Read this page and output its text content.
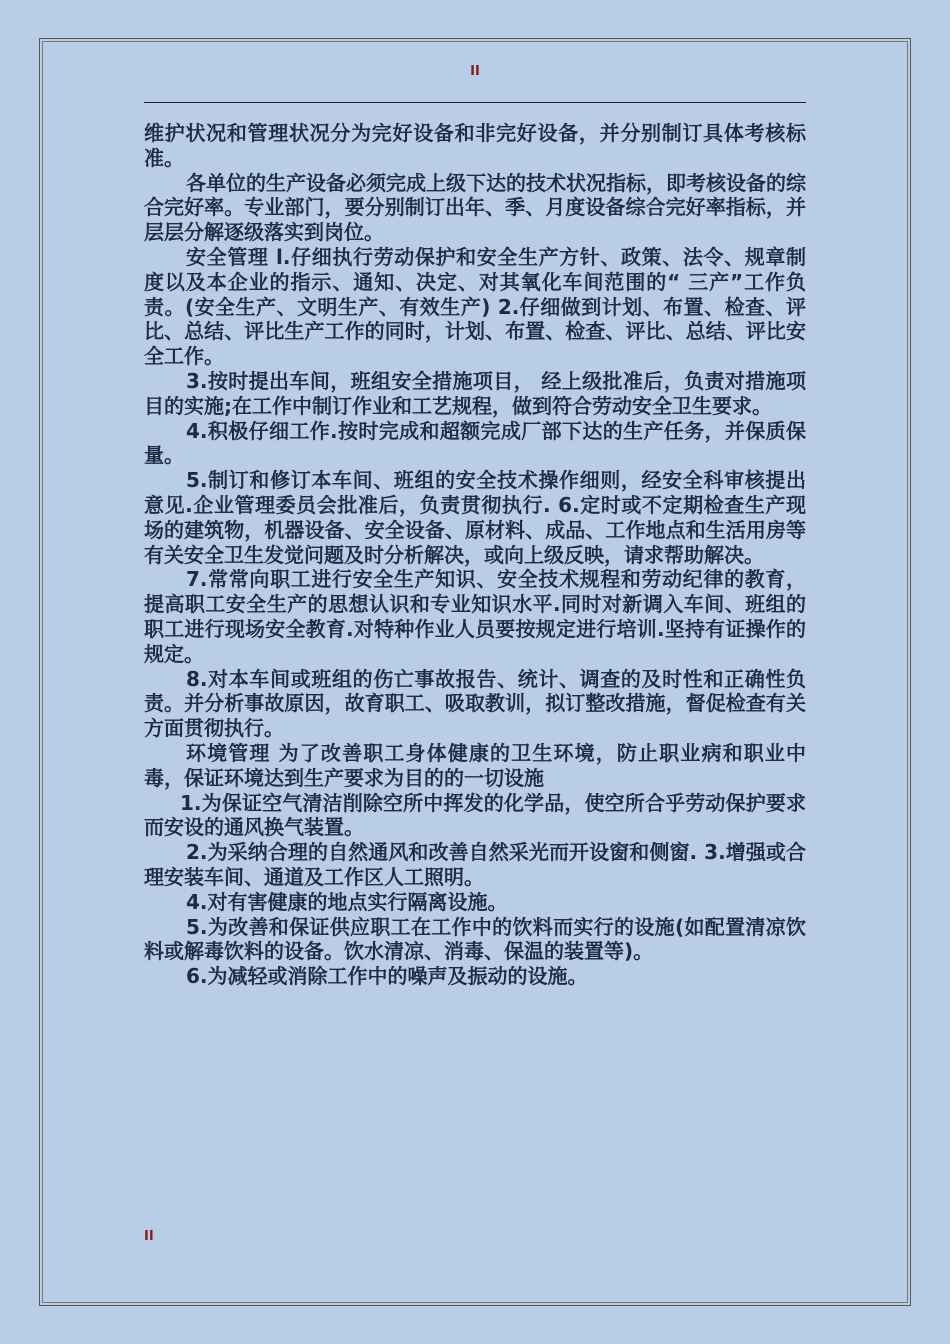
II

维护状况和管理状况分为完好设备和非完好设备，并分别制订具体考核标准。

各单位的生产设备必须完成上级下达的技术状况指标，即考核设备的综合完好率。专业部门，要分别制订出年、季、月度设备综合完好率指标，并层层分解逐级落实到岗位。

安全管理 l.仔细执行劳动保护和安全生产方针、政策、法令、规章制度以及本企业的指示、通知、决定、对其氧化车间范围的“ 三产”工作负责。(安全生产、文明生产、有效生产) 2.仔细做到计划、布置、检查、评比、总结、评比生产工作的同时，计划、布置、检查、评比、总结、评比安全工作。

3.按时提出车间，班组安全措施项目， 经上级批准后，负责对措施项目的实施;在工作中制订作业和工艺规程，做到符合劳动安全卫生要求。

4.积极仔细工作.按时完成和超额完成厂部下达的生产任务，并保质保量。

5.制订和修订本车间、班组的安全技术操作细则，经安全科审核提出意见.企业管理委员会批准后，负责贯彻执行. 6.定时或不定期检查生产现场的建筑物，机器设备、安全设备、原材料、成品、工作地点和生活用房等有关安全卫生发觉问题及时分析解决，或向上级反映，请求帮助解决。

7.常常向职工进行安全生产知识、安全技术规程和劳动纪律的教育，提高职工安全生产的思想认识和专业知识水平.同时对新调入车间、班组的职工进行现场安全教育.对特种作业人员要按规定进行培训.坚持有证操作的规定。

8.对本车间或班组的伤亡事故报告、统计、调查的及时性和正确性负责。并分析事故原因，故育职工、吸取教训，拟订整改措施，督促检查有关方面贯彻执行。

环境管理 为了改善职工身体健康的卫生环境，防止职业病和职业中毒，保证环境达到生产要求为目的的一切设施

1.为保证空气清洁削除空所中挥发的化学品，使空所合乎劳动保护要求而安设的通风换气装置。

2.为采纳合理的自然通风和改善自然采光而开设窗和侧窗. 3.增强或合理安装车间、通道及工作区人工照明。

4.对有害健康的地点实行隔离设施。

5.为改善和保证供应职工在工作中的饮料而实行的设施(如配置清凉饮料或解毒饮料的设备。饮水清凉、消毒、保温的装置等)。

6.为减轻或消除工作中的噪声及振动的设施。

II
